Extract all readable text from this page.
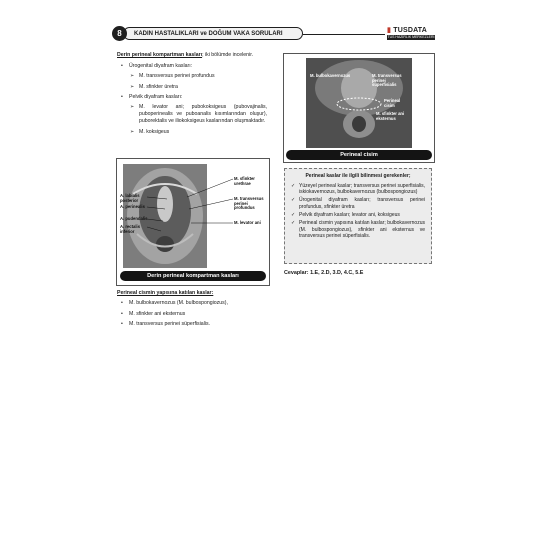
KADIN HASTALIKLARI ve DOĞUM VAKA SORULARI
8	▮ TUSDATA
TUS HAZIRLIK MERKEZLERİ
Derin perineal kompartman kasları; iki bölümde incelenir.
• Ürogenital diyafram kasları:
➢ M. transversus perinei profundus
➢ M. sfinkter üretra
• Pelvik diyafram kasları:
➢ M. levator ani; pubokoksigeus (pubovajinalis, puboperinealis ve puboanalis kısımlarından oluşur), puborektalis ve iliokoksigeus kaslarından oluşmaktadır.
➢ M. koksigeus
A. labialis posterior
A. perinealis
A. pudendalis
A. rectalis inferior
M. sfinkter urethrae
M. transversus perinei profundus
M. levator ani
Derin perineal kompartman kasları
Perineal cismin yapısına katılan kaslar:
• M. bulbokavernozus (M. bulbospongiozus),
• M. sfinkter ani eksternus
• M. transversus perinei süperfisialis.
M. bulbokavernozus	M. transversus perinei superfisialis
Perineal cisim
M. sfinkter ani eksternus
Perineal cisim
Perineal kaslar ile ilgili bilinmesi gerekenler;
✓ Yüzeyel perineal kaslar; transversus perinei superfisialis, iskiokavernozus, bulbokavernozus (bulbospongiozus)
✓ Ürogenital diyafram kasları; transversus perinei profundus, sfinkter üretra
✓ Pelvik diyafram kasları; levator ani, koksigeus
✓ Perineal cismin yapısına katılan kaslar; bulbokavernozus (M. bulbospongiozus), sfinkter ani eksternus ve transversus perinei süperfisialis.
Cevaplar: 1.E, 2.D, 3.D, 4.C, 5.E
